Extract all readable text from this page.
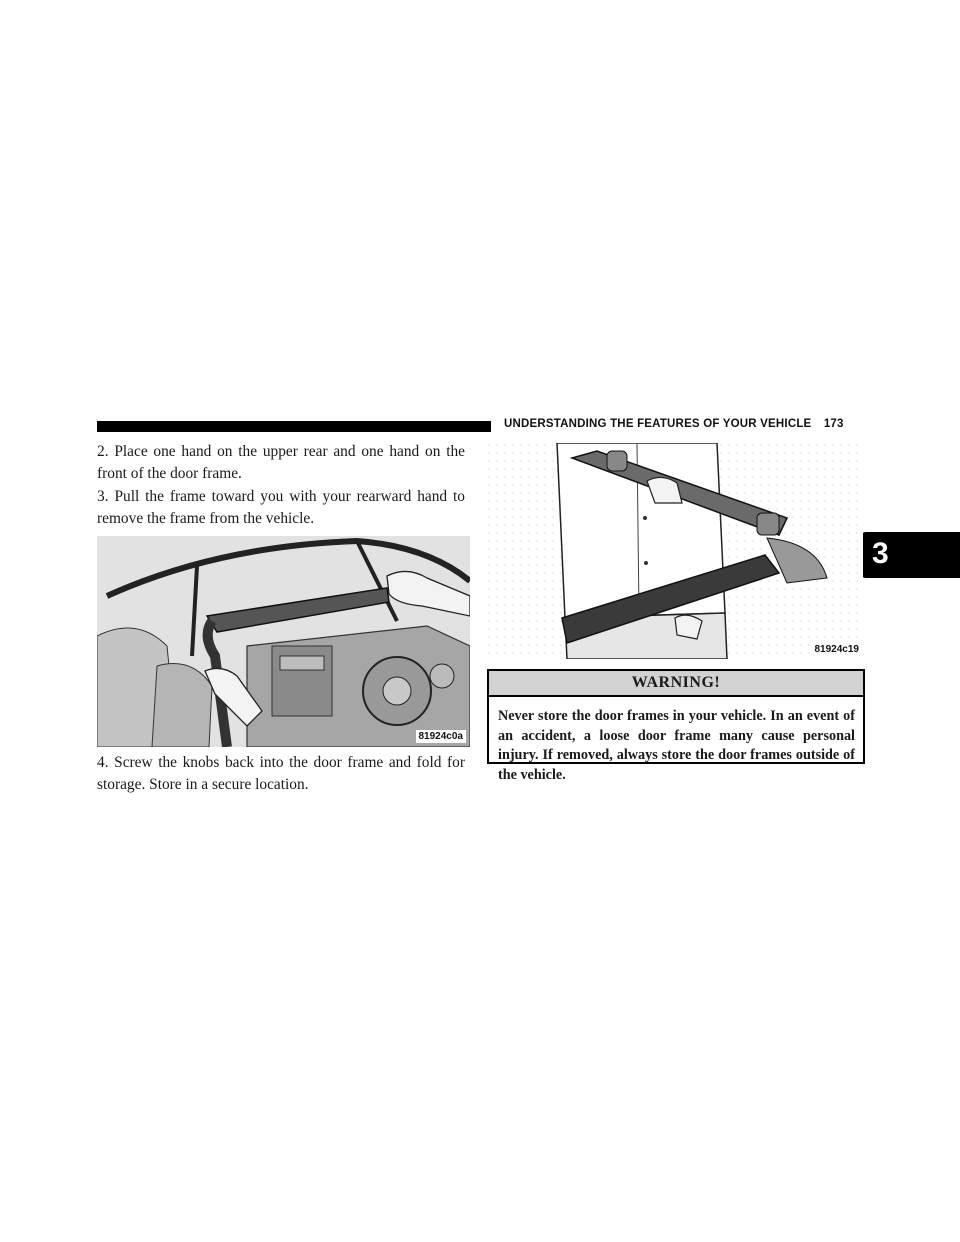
UNDERSTANDING THE FEATURES OF YOUR VEHICLE 173
3

2. Place one hand on the upper rear and one hand on the front of the door frame.

3. Pull the frame toward you with your rearward hand to remove the frame from the vehicle.

81924c0a

4. Screw the knobs back into the door frame and fold for storage. Store in a secure location.

81924c19
WARNING!
Never store the door frames in your vehicle. In an event of an accident, a loose door frame many cause personal injury. If removed, always store the door frames outside of the vehicle.
